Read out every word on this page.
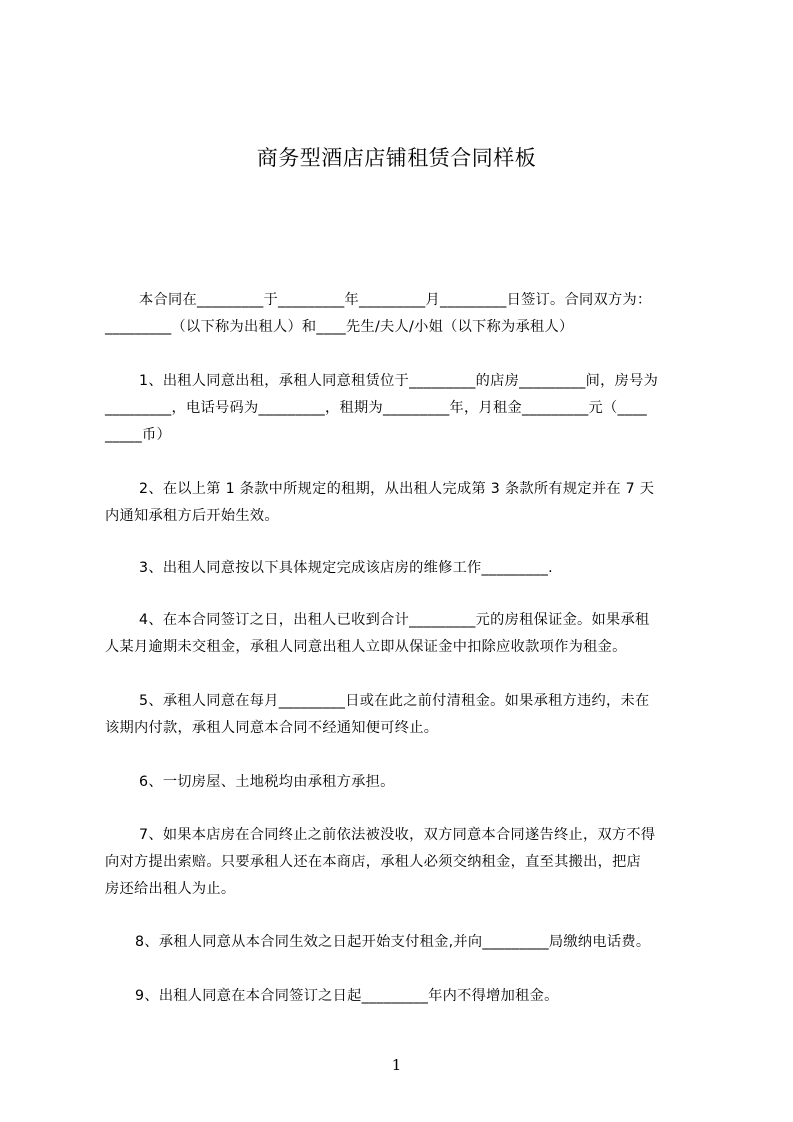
商务型酒店店铺租赁合同样板
本合同在_________于_________年_________月_________日签订。合同双方为：
_________（以下称为出租人）和____先生/夫人/小姐（以下称为承租人）
1、出租人同意出租，承租人同意租赁位于_________的店房_________间，房号为
_________，电话号码为_________，租期为_________年，月租金_________元（____
_____币）
2、在以上第 1 条款中所规定的租期，从出租人完成第 3 条款所有规定并在 7 天
内通知承租方后开始生效。
3、出租人同意按以下具体规定完成该店房的维修工作_________.
4、在本合同签订之日，出租人已收到合计_________元的房租保证金。如果承租
人某月逾期未交租金，承租人同意出租人立即从保证金中扣除应收款项作为租金。
5、承租人同意在每月_________日或在此之前付清租金。如果承租方违约，未在
该期内付款，承租人同意本合同不经通知便可终止。
6、一切房屋、土地税均由承租方承担。
7、如果本店房在合同终止之前依法被没收，双方同意本合同遂告终止，双方不得
向对方提出索赔。只要承租人还在本商店，承租人必须交纳租金，直至其搬出，把店
房还给出租人为止。
8、承租人同意从本合同生效之日起开始支付租金,并向_________局缴纳电话费。
9、出租人同意在本合同签订之日起_________年内不得增加租金。
1
